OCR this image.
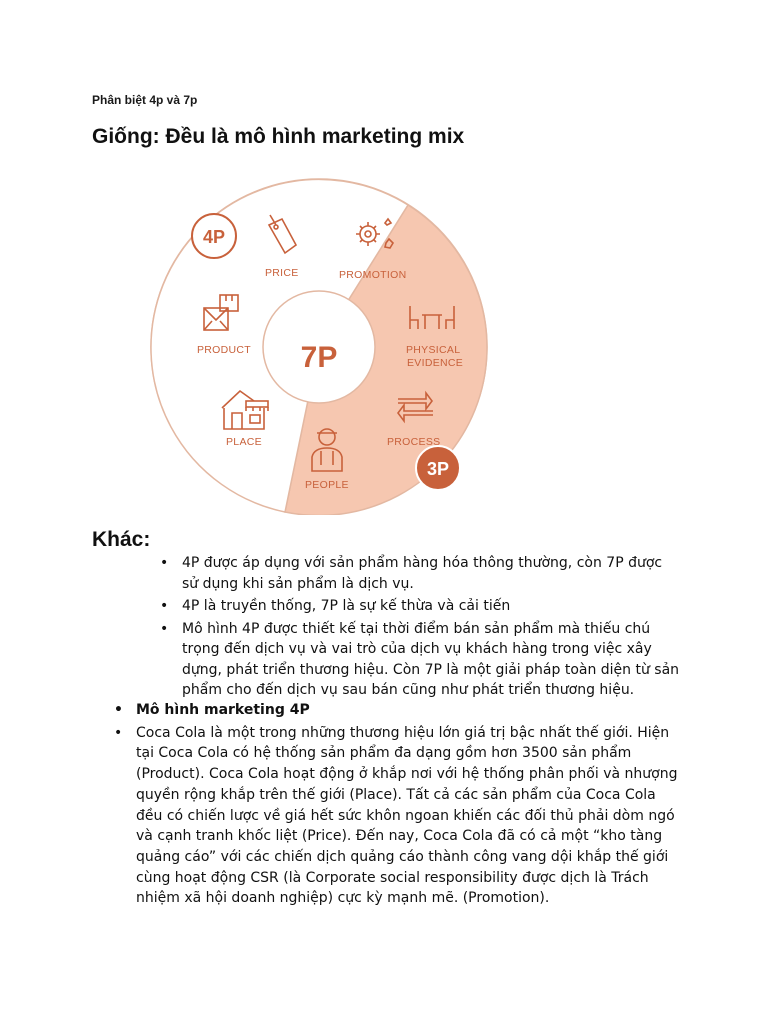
Phân biệt 4p và 7p
Giống: Đều là mô hình marketing mix
7P
4P
3P
PRICE	PROMOTION
PRODUCT
PLACE
PHYSICAL
EVIDENCE
PROCESS
PEOPLE
Khác:
• 4P được áp dụng với sản phẩm hàng hóa thông thường, còn 7P được sử dụng khi sản phẩm là dịch vụ.
• 4P là truyền thống, 7P là sự kế thừa và cải tiến
• Mô hình 4P được thiết kế tại thời điểm bán sản phẩm mà thiếu chú trọng đến dịch vụ và vai trò của dịch vụ khách hàng trong việc xây dựng, phát triển thương hiệu. Còn 7P là một giải pháp toàn diện từ sản phẩm cho đến dịch vụ sau bán cũng như phát triển thương hiệu.
• Mô hình marketing 4P
• Coca Cola là một trong những thương hiệu lớn giá trị bậc nhất thế giới. Hiện tại Coca Cola có hệ thống sản phẩm đa dạng gồm hơn 3500 sản phẩm (Product). Coca Cola hoạt động ở khắp nơi với hệ thống phân phối và nhượng quyền rộng khắp trên thế giới (Place). Tất cả các sản phẩm của Coca Cola đều có chiến lược về giá hết sức khôn ngoan khiến các đối thủ phải dòm ngó và cạnh tranh khốc liệt (Price). Đến nay, Coca Cola đã có cả một “kho tàng quảng cáo” với các chiến dịch quảng cáo thành công vang dội khắp thế giới cùng hoạt động CSR (là Corporate social responsibility được dịch là Trách nhiệm xã hội doanh nghiệp) cực kỳ mạnh mẽ. (Promotion).
